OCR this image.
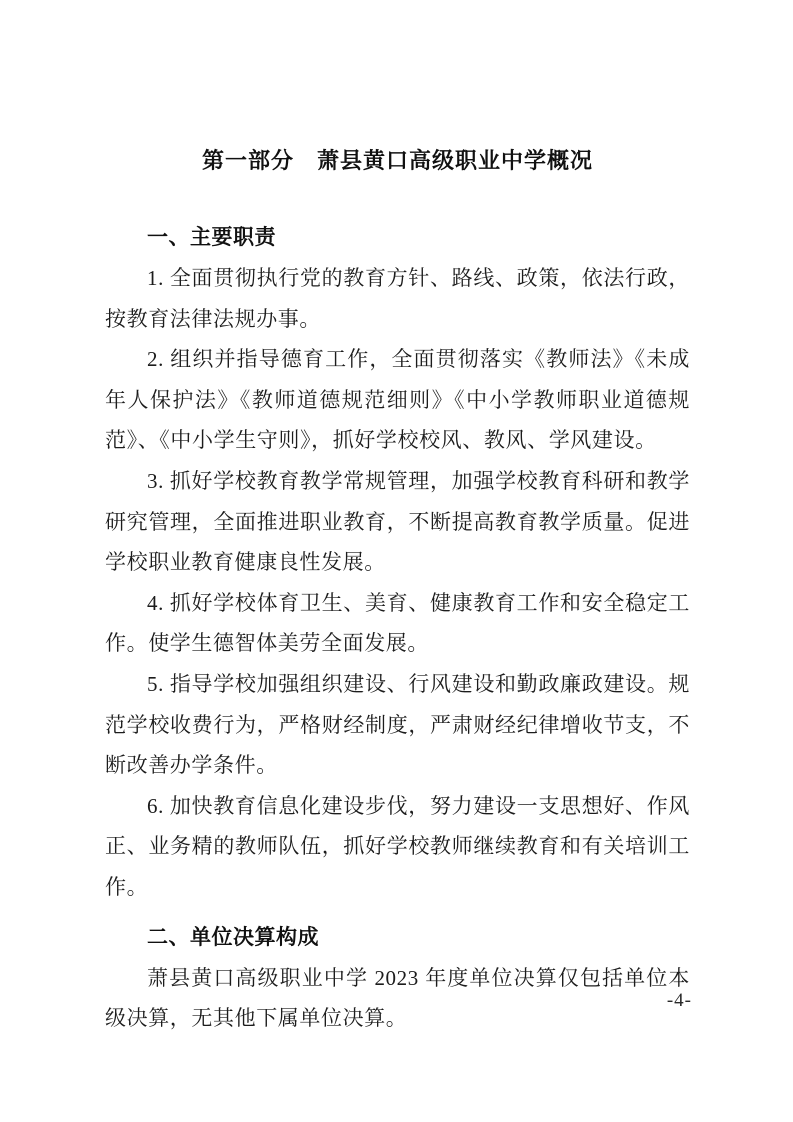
第一部分　萧县黄口高级职业中学概况
一、主要职责

1. 全面贯彻执行党的教育方针、路线、政策，依法行政，按教育法律法规办事。

2. 组织并指导德育工作，全面贯彻落实《教师法》《未成年人保护法》《教师道德规范细则》《中小学教师职业道德规范》、《中小学生守则》，抓好学校校风、教风、学风建设。

3. 抓好学校教育教学常规管理，加强学校教育科研和教学研究管理，全面推进职业教育，不断提高教育教学质量。促进学校职业教育健康良性发展。

4. 抓好学校体育卫生、美育、健康教育工作和安全稳定工作。使学生德智体美劳全面发展。

5. 指导学校加强组织建设、行风建设和勤政廉政建设。规范学校收费行为，严格财经制度，严肃财经纪律增收节支，不断改善办学条件。

6. 加快教育信息化建设步伐，努力建设一支思想好、作风正、业务精的教师队伍，抓好学校教师继续教育和有关培训工作。

二、单位决算构成

萧县黄口高级职业中学 2023 年度单位决算仅包括单位本级决算，无其他下属单位决算。

-4-
